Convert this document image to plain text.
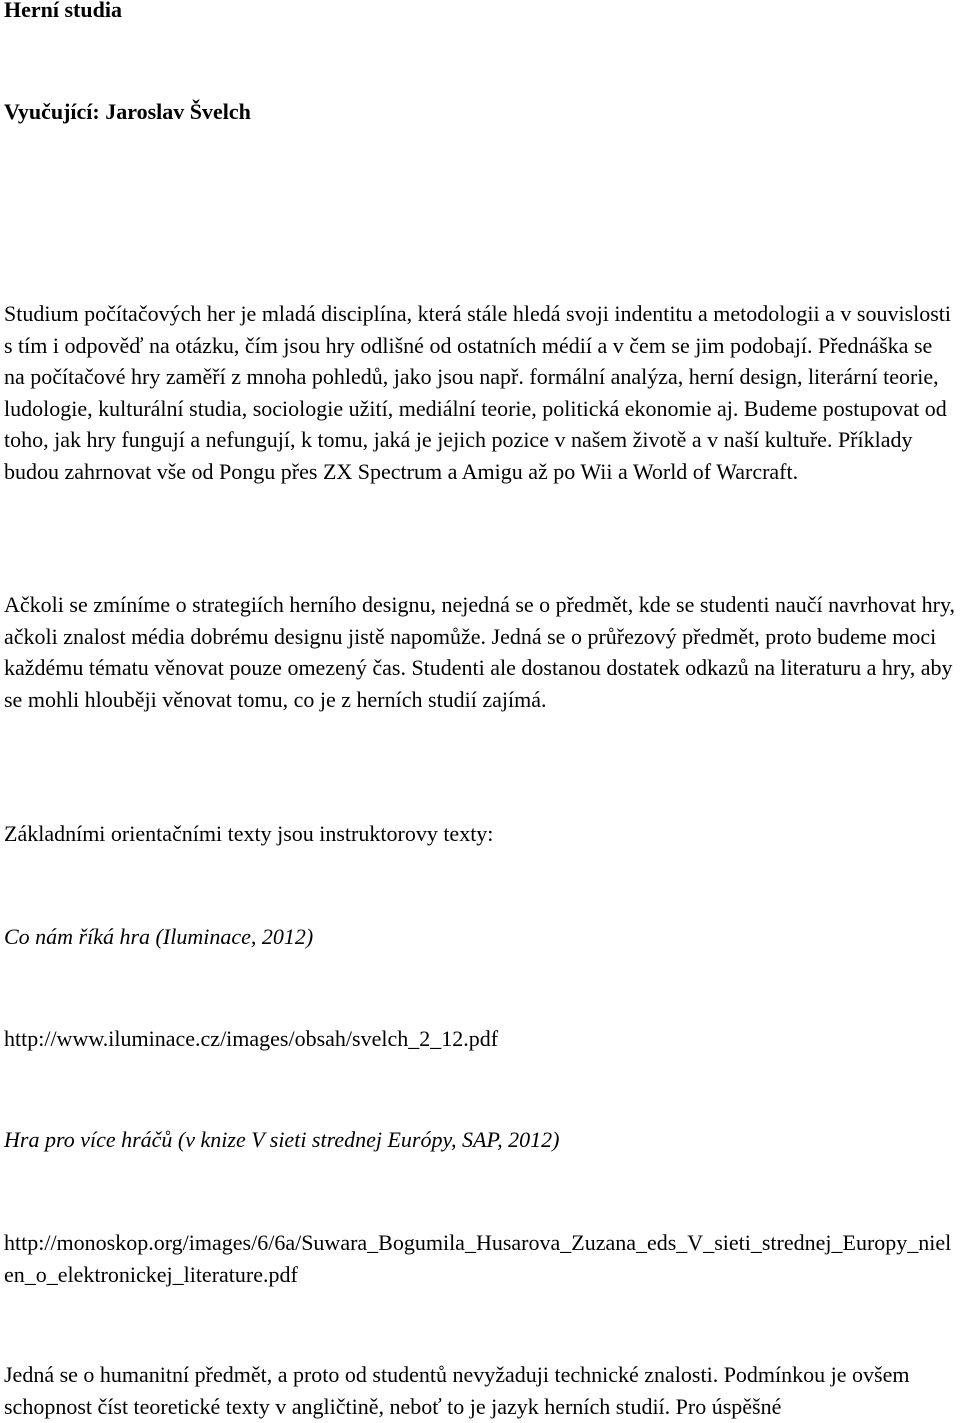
Herní studia

Vyučující: Jaroslav Švelch

Studium počítačových her je mladá disciplína, která stále hledá svoji indentitu a metodologii a v souvislosti s tím i odpověď na otázku, čím jsou hry odlišné od ostatních médií a v čem se jim podobají. Přednáška se na počítačové hry zaměří z mnoha pohledů, jako jsou např. formální analýza, herní design, literární teorie, ludologie, kulturální studia, sociologie užití, mediální teorie, politická ekonomie aj. Budeme postupovat od toho, jak hry fungují a nefungují, k tomu, jaká je jejich pozice v našem životě a v naší kultuře. Příklady budou zahrnovat vše od Pongu přes ZX Spectrum a Amigu až po Wii a World of Warcraft.

Ačkoli se zmíníme o strategiích herního designu, nejedná se o předmět, kde se studenti naučí navrhovat hry, ačkoli znalost média dobrému designu jistě napomůže. Jedná se o průřezový předmět, proto budeme moci každému tématu věnovat pouze omezený čas. Studenti ale dostanou dostatek odkazů na literaturu a hry, aby se mohli hlouběji věnovat tomu, co je z herních studií zajímá.

Základními orientačními texty jsou instruktorovy texty:

Co nám říká hra (Iluminace, 2012)

http://www.iluminace.cz/images/obsah/svelch_2_12.pdf

Hra pro více hráčů (v knize V sieti strednej Európy, SAP, 2012)

http://monoskop.org/images/6/6a/Suwara_Bogumila_Husarova_Zuzana_eds_V_sieti_strednej_Europy_nielen_o_elektronickej_literature.pdf

Jedná se o humanitní předmět, a proto od studentů nevyžaduji technické znalosti. Podmínkou je ovšem schopnost číst teoretické texty v angličtině, neboť to je jazyk herních studií. Pro úspěšné
